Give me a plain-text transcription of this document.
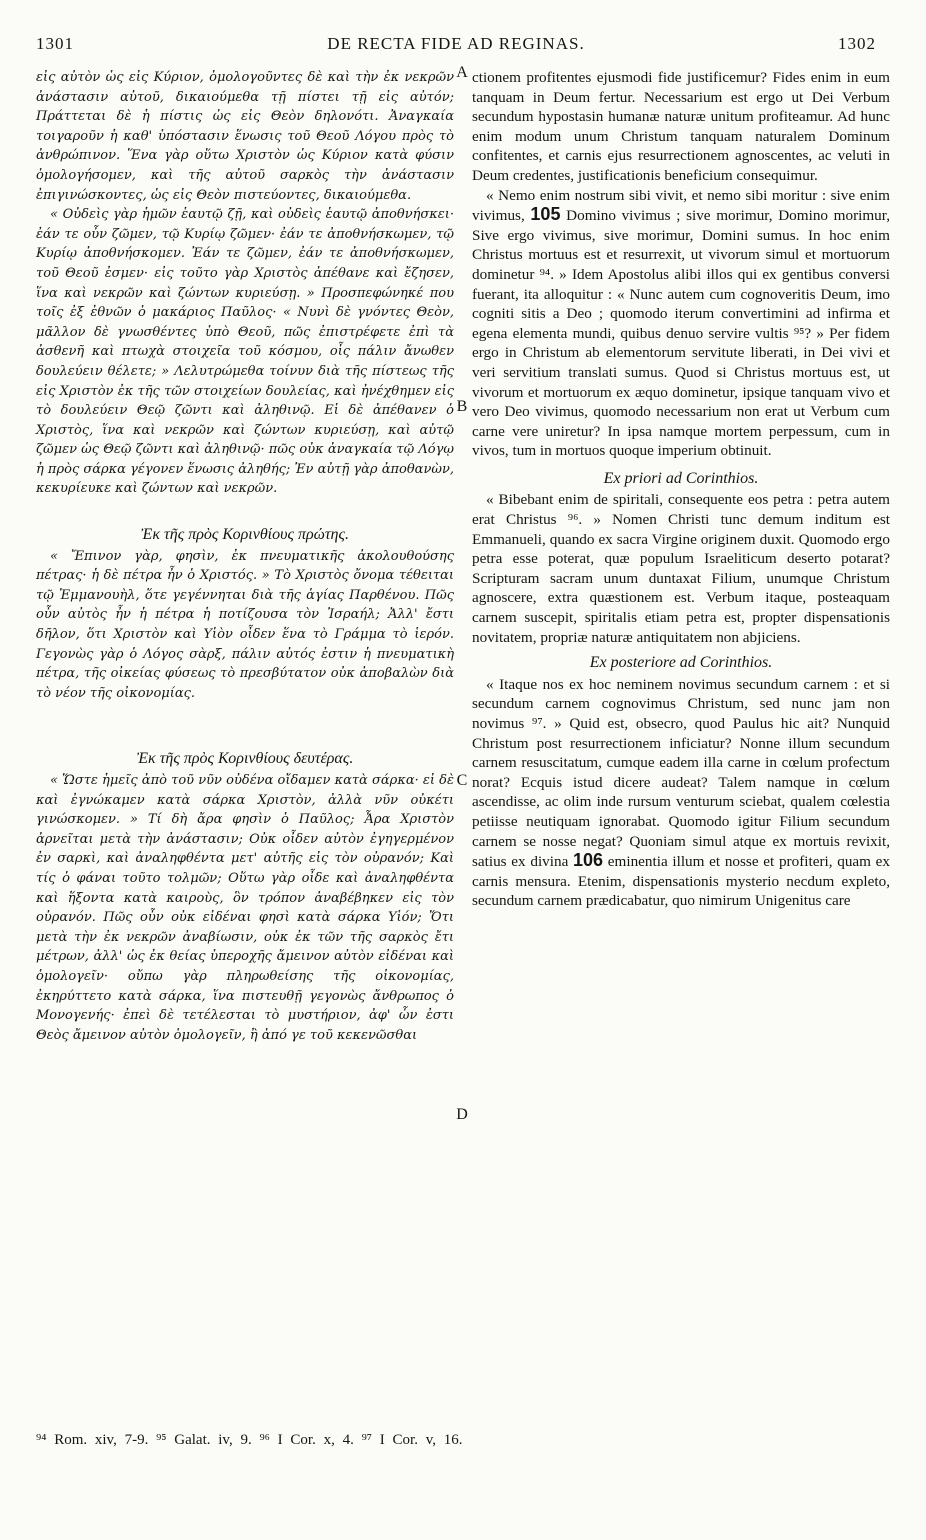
1301	DE RECTA FIDE AD REGINAS.	1302

εἰς αὐτὸν ὡς εἰς Κύριον, ὁμολογοῦντες δὲ καὶ τὴν ἐκ νεκρῶν ἀνάστασιν αὐτοῦ, δικαιούμεθα τῇ πίστει τῇ εἰς αὐτόν; Πράττεται δὲ ἡ πίστις ὡς εἰς Θεὸν δηλονότι. Ἀναγκαία τοιγαροῦν ἡ καθ' ὑπόστασιν ἕνωσις τοῦ Θεοῦ Λόγου πρὸς τὸ ἀνθρώπινον. Ἕνα γὰρ οὕτω Χριστὸν ὡς Κύριον κατὰ φύσιν ὁμολογήσομεν, καὶ τῆς αὐτοῦ σαρκὸς τὴν ἀνάστασιν ἐπιγινώσκοντες, ὡς εἰς Θεὸν πιστεύοντες, δικαιούμεθα.

« Οὐδεὶς γὰρ ἡμῶν ἑαυτῷ ζῇ, καὶ οὐδεὶς ἑαυτῷ ἀποθνήσκει· ἐάν τε οὖν ζῶμεν, τῷ Κυρίῳ ζῶμεν· ἐάν τε ἀποθνήσκωμεν, τῷ Κυρίῳ ἀποθνήσκομεν. Ἐάν τε ζῶμεν, ἐάν τε ἀποθνήσκωμεν, τοῦ Θεοῦ ἐσμεν· εἰς τοῦτο γὰρ Χριστὸς ἀπέθανε καὶ ἔζησεν, ἵνα καὶ νεκρῶν καὶ ζώντων κυριεύσῃ. » Προσπεφώνηκέ που τοῖς ἐξ ἐθνῶν ὁ μακάριος Παῦλος· « Νυνὶ δὲ γνόντες Θεὸν, μᾶλλον δὲ γνωσθέντες ὑπὸ Θεοῦ, πῶς ἐπιστρέφετε ἐπὶ τὰ ἀσθενῆ καὶ πτωχὰ στοιχεῖα τοῦ κόσμου, οἷς πάλιν ἄνωθεν δουλεύειν θέλετε; » Λελυτρώμεθα τοίνυν διὰ τῆς πίστεως τῆς εἰς Χριστὸν ἐκ τῆς τῶν στοιχείων δουλείας, καὶ ἠνέχθημεν εἰς τὸ δουλεύειν Θεῷ ζῶντι καὶ ἀληθινῷ. Εἰ δὲ ἀπέθανεν ὁ Χριστὸς, ἵνα καὶ νεκρῶν καὶ ζώντων κυριεύσῃ, καὶ αὐτῷ ζῶμεν ὡς Θεῷ ζῶντι καὶ ἀληθινῷ· πῶς οὐκ ἀναγκαία τῷ Λόγῳ ἡ πρὸς σάρκα γέγονεν ἕνωσις ἀληθής; Ἐν αὐτῇ γὰρ ἀποθανὼν, κεκυρίευκε καὶ ζώντων καὶ νεκρῶν.

Ἐκ τῆς πρὸς Κορινθίους πρώτης.

« Ἔπινον γὰρ, φησὶν, ἐκ πνευματικῆς ἀκολουθούσης πέτρας· ἡ δὲ πέτρα ἦν ὁ Χριστός. » Τὸ Χριστὸς ὄνομα τέθειται τῷ Ἐμμανουὴλ, ὅτε γεγέννηται διὰ τῆς ἁγίας Παρθένου. Πῶς οὖν αὐτὸς ἦν ἡ πέτρα ἡ ποτίζουσα τὸν Ἰσραήλ; Ἀλλ' ἔστι δῆλον, ὅτι Χριστὸν καὶ Υἱὸν οἶδεν ἕνα τὸ Γράμμα τὸ ἱερόν. Γεγονὼς γὰρ ὁ Λόγος σὰρξ, πάλιν αὐτός ἐστιν ἡ πνευματικὴ πέτρα, τῆς οἰκείας φύσεως τὸ πρεσβύτατον οὐκ ἀποβαλὼν διὰ τὸ νέον τῆς οἰκονομίας.

Ἐκ τῆς πρὸς Κορινθίους δευτέρας.

« Ὥστε ἡμεῖς ἀπὸ τοῦ νῦν οὐδένα οἴδαμεν κατὰ σάρκα· εἰ δὲ καὶ ἐγνώκαμεν κατὰ σάρκα Χριστὸν, ἀλλὰ νῦν οὐκέτι γινώσκομεν. » Τί δὴ ἄρα φησὶν ὁ Παῦλος; Ἆρα Χριστὸν ἀρνεῖται μετὰ τὴν ἀνάστασιν; Οὐκ οἶδεν αὐτὸν ἐγηγερμένον ἐν σαρκὶ, καὶ ἀναληφθέντα μετ' αὐτῆς εἰς τὸν οὐρανόν; Καὶ τίς ὁ φάναι τοῦτο τολμῶν; Οὕτω γὰρ οἶδε καὶ ἀναληφθέντα καὶ ἥξοντα κατὰ καιροὺς, ὃν τρόπον ἀναβέβηκεν εἰς τὸν οὐρανόν. Πῶς οὖν οὐκ εἰδέναι φησὶ κατὰ σάρκα Υἱόν; Ὅτι μετὰ τὴν ἐκ νεκρῶν ἀναβίωσιν, οὐκ ἐκ τῶν τῆς σαρκὸς ἔτι μέτρων, ἀλλ' ὡς ἐκ θείας ὑπεροχῆς ἄμεινον αὐτὸν εἰδέναι καὶ ὁμολογεῖν· οὔπω γὰρ πληρωθείσης τῆς οἰκονομίας, ἐκηρύττετο κατὰ σάρκα, ἵνα πιστευθῇ γεγονὼς ἄνθρωπος ὁ Μονογενής· ἐπεὶ δὲ τετέλεσται τὸ μυστήριον, ἀφ' ὧν ἐστι Θεὸς ἄμεινον αὐτὸν ὁμολογεῖν, ἢ ἀπό γε τοῦ κεκενῶσθαι

ctionem profitentes ejusmodi fide justificemur? Fides enim in eum tanquam in Deum fertur. Necessarium est ergo ut Dei Verbum secundum hypostasin humanæ naturæ unitum profiteamur. Ad hunc enim modum unum Christum tanquam naturalem Dominum confitentes, et carnis ejus resurrectionem agnoscentes, ac veluti in Deum credentes, justificationis beneficium consequimur.

« Nemo enim nostrum sibi vivit, et nemo sibi moritur : sive enim vivimus, 105 Domino vivimus ; sive morimur, Domino morimur, Sive ergo vivimus, sive morimur, Domini sumus. In hoc enim Christus mortuus est et resurrexit, ut vivorum simul et mortuorum dominetur ⁹⁴. » Idem Apostolus alibi illos qui ex gentibus conversi fuerant, ita alloquitur : « Nunc autem cum cognoveritis Deum, imo cogniti sitis a Deo ; quomodo iterum convertimini ad infirma et egena elementa mundi, quibus denuo servire vultis ⁹⁵? » Per fidem ergo in Christum ab elementorum servitute liberati, in Dei vivi et veri servitium translati sumus. Quod si Christus mortuus est, ut vivorum et mortuorum ex æquo dominetur, ipsique tanquam vivo et vero Deo vivimus, quomodo necessarium non erat ut Verbum cum carne vere uniretur? In ipsa namque mortem perpessum, cum in vivos, tum in mortuos quoque imperium obtinuit.

Ex priori ad Corinthios.

« Bibebant enim de spiritali, consequente eos petra : petra autem erat Christus ⁹⁶. » Nomen Christi tunc demum inditum est Emmanueli, quando ex sacra Virgine originem duxit. Quomodo ergo petra esse poterat, quæ populum Israeliticum deserto potarat? Scripturam sacram unum duntaxat Filium, unumque Christum agnoscere, extra quæstionem est. Verbum itaque, posteaquam carnem suscepit, spiritalis etiam petra est, propter dispensationis novitatem, propriæ naturæ antiquitatem non abjiciens.

Ex posteriore ad Corinthios.

« Itaque nos ex hoc neminem novimus secundum carnem : et si secundum carnem cognovimus Christum, sed nunc jam non novimus ⁹⁷. » Quid est, obsecro, quod Paulus hic ait? Nunquid Christum post resurrectionem inficiatur? Nonne illum secundum carnem resuscitatum, cumque eadem illa carne in cœlum profectum norat? Ecquis istud dicere audeat? Talem namque in cœlum ascendisse, ac olim inde rursum venturum sciebat, qualem cœlestia petiisse neutiquam ignorabat. Quomodo igitur Filium secundum carnem se nosse negat? Quoniam simul atque ex mortuis revixit, satius ex divina 106 eminentia illum et nosse et profiteri, quam ex carnis mensura. Etenim, dispensationis mysterio necdum expleto, secundum carnem prædicabatur, quo nimirum Unigenitus care

A
B
C
D
⁹⁴ Rom. xiv, 7-9. ⁹⁵ Galat. iv, 9. ⁹⁶ I Cor. x, 4. ⁹⁷ I Cor. v, 16.
